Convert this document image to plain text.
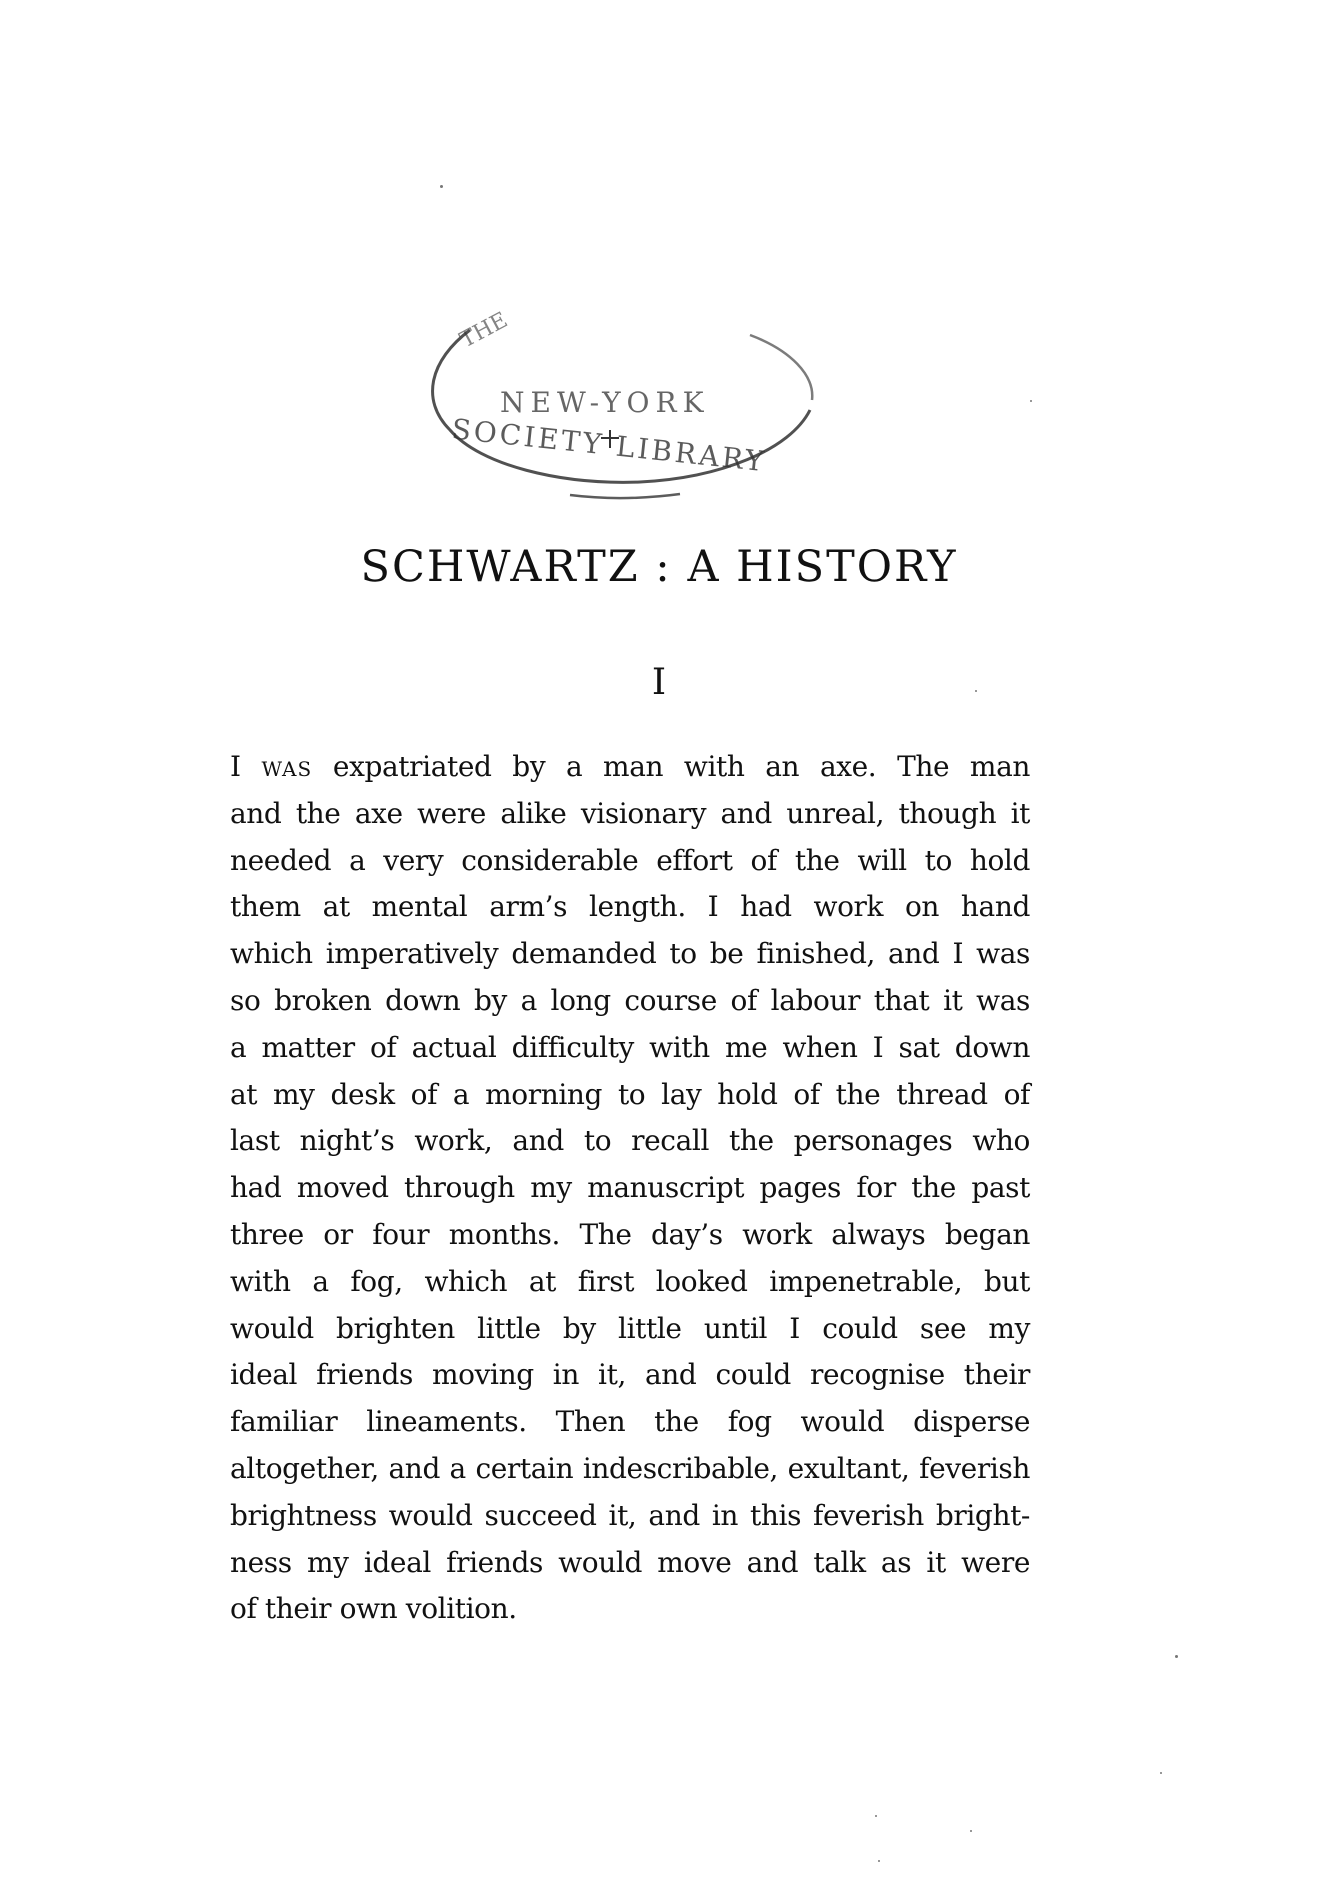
THE
NEW-YORK
SOCIETY LIBRARY
SCHWARTZ : A HISTORY
I
I was expatriated by a man with an axe. The man
and the axe were alike visionary and unreal, though it
needed a very considerable effort of the will to hold
them at mental arm’s length. I had work on hand
which imperatively demanded to be finished, and I was
so broken down by a long course of labour that it was
a matter of actual difficulty with me when I sat down
at my desk of a morning to lay hold of the thread of
last night’s work, and to recall the personages who
had moved through my manuscript pages for the past
three or four months. The day’s work always began
with a fog, which at first looked impenetrable, but
would brighten little by little until I could see my
ideal friends moving in it, and could recognise their
familiar lineaments. Then the fog would disperse
altogether, and a certain indescribable, exultant, feverish
brightness would succeed it, and in this feverish bright-
ness my ideal friends would move and talk as it were
of their own volition.
